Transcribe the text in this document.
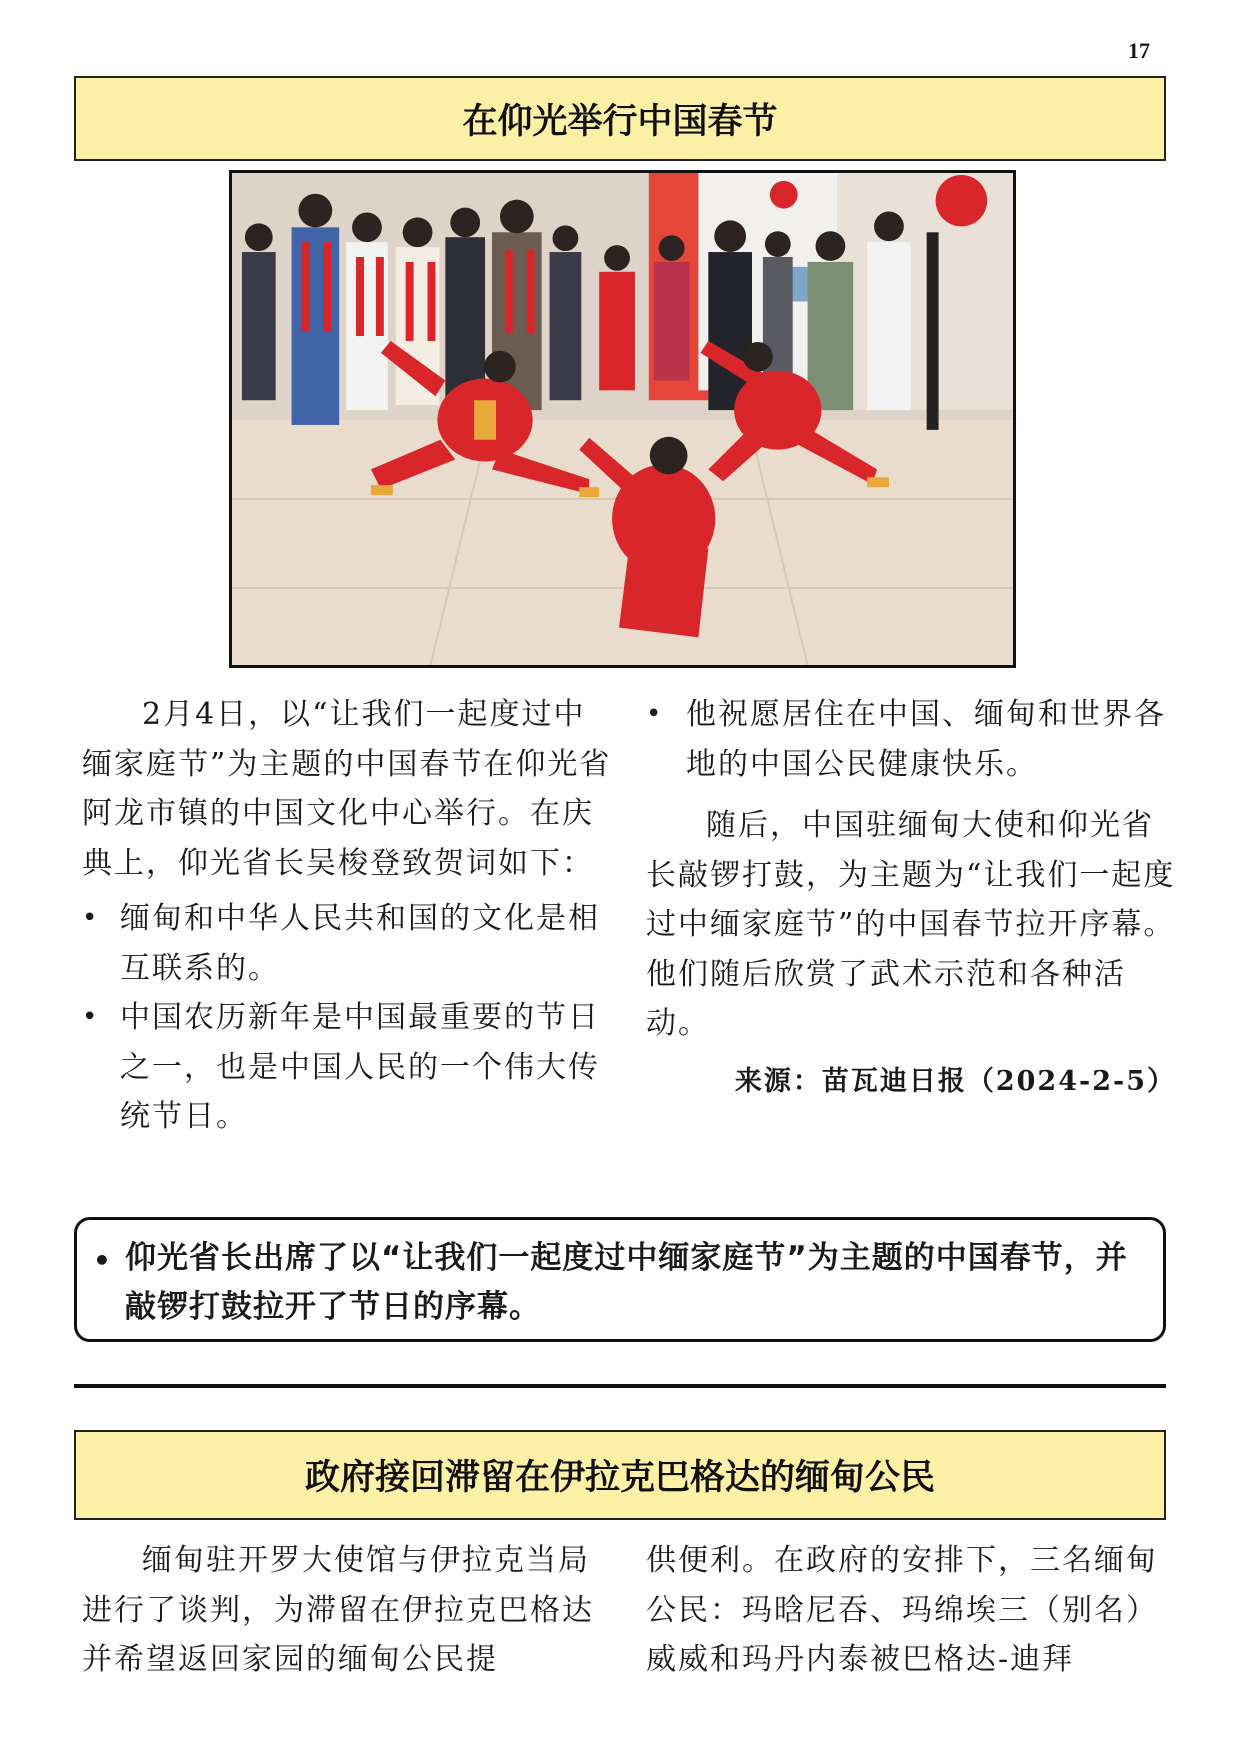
17
在仰光举行中国春节

2月4日，以“让我们一起度过中缅家庭节”为主题的中国春节在仰光省阿龙市镇的中国文化中心举行。在庆典上，仰光省长吴梭登致贺词如下：

• 缅甸和中华人民共和国的文化是相互联系的。
• 中国农历新年是中国最重要的节日之一，也是中国人民的一个伟大传统节日。
• 他祝愿居住在中国、缅甸和世界各地的中国公民健康快乐。

随后，中国驻缅甸大使和仰光省长敲锣打鼓，为主题为“让我们一起度过中缅家庭节”的中国春节拉开序幕。他们随后欣赏了武术示范和各种活动。

来源：苗瓦迪日报（2024-2-5）
• 仰光省长出席了以“让我们一起度过中缅家庭节”为主题的中国春节，并敲锣打鼓拉开了节日的序幕。
政府接回滞留在伊拉克巴格达的缅甸公民

缅甸驻开罗大使馆与伊拉克当局进行了谈判，为滞留在伊拉克巴格达并希望返回家园的缅甸公民提

供便利。在政府的安排下，三名缅甸公民：玛晗尼吞、玛绵埃三（别名）威威和玛丹内泰被巴格达-迪拜
